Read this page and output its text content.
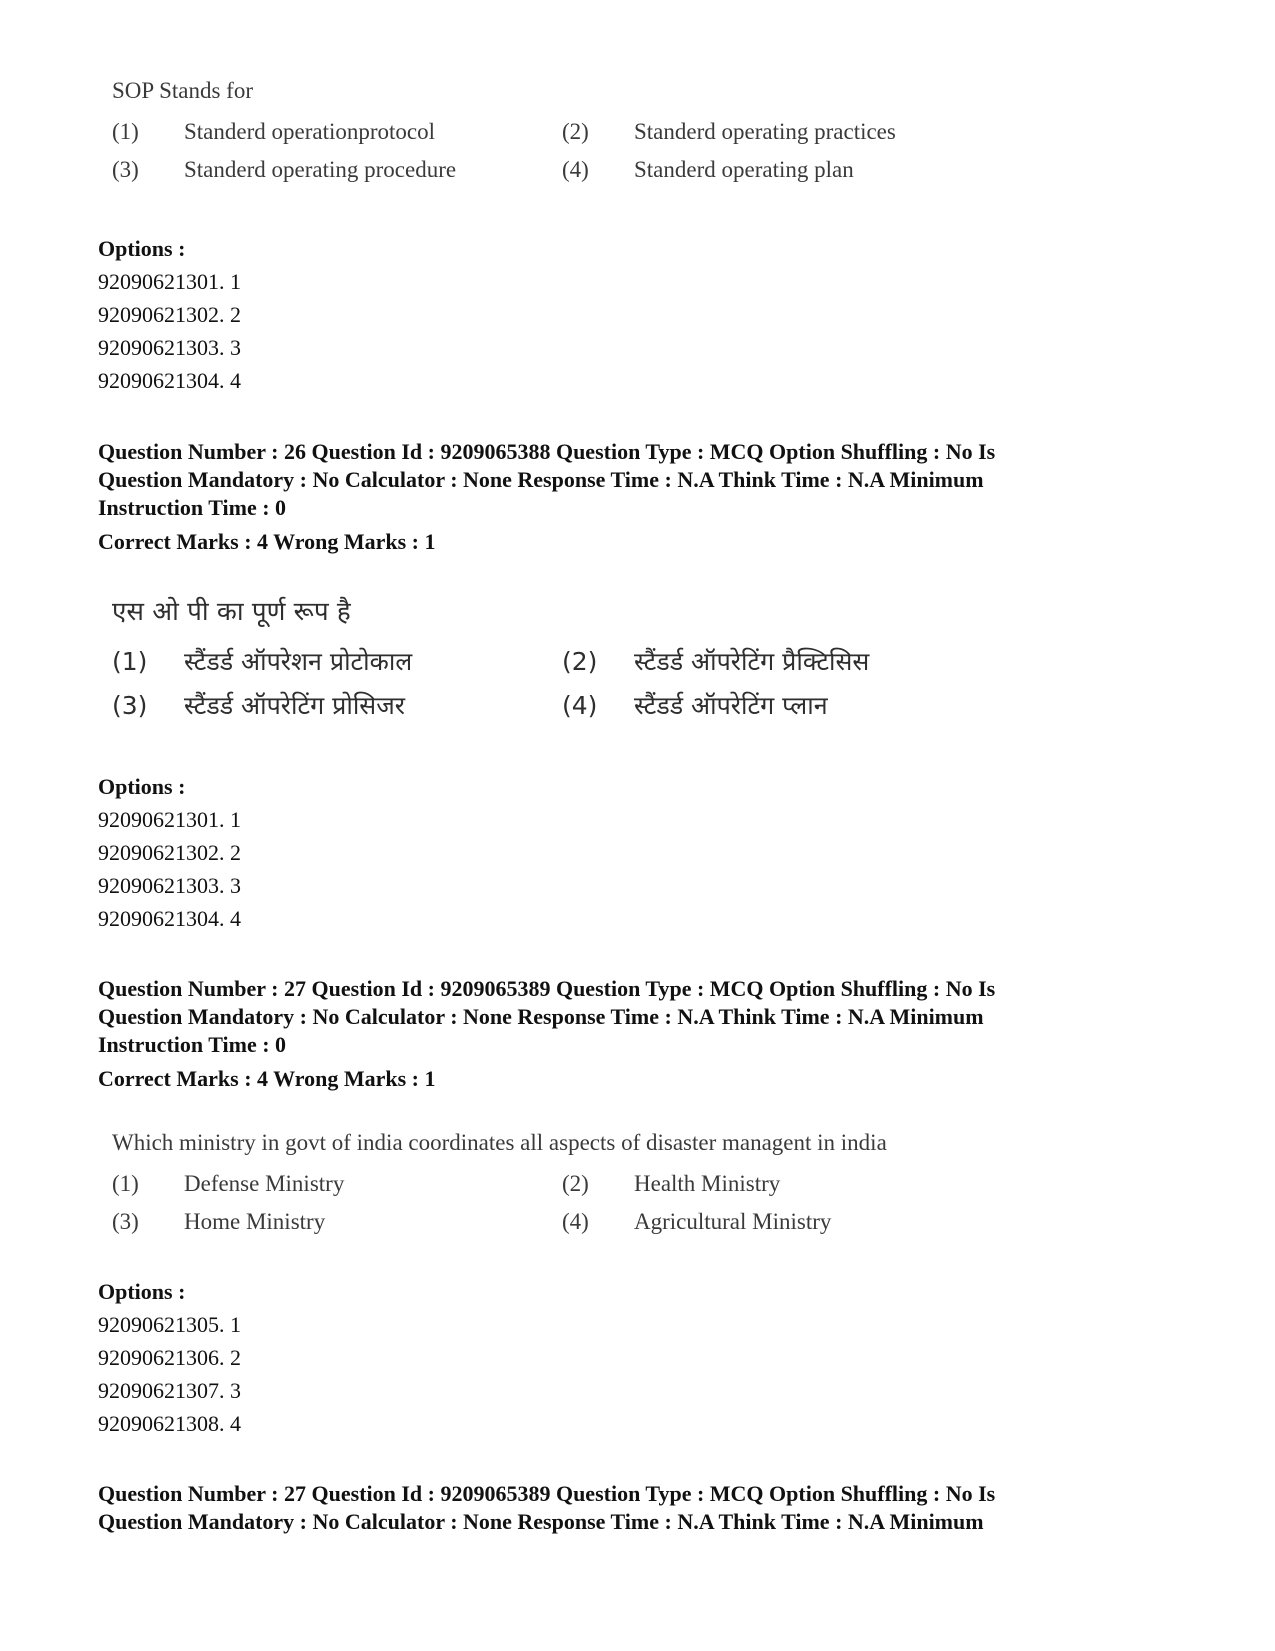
SOP Stands for
(1)	Standerd operationprotocol	(2)	Standerd operating practices
(3)	Standerd operating procedure	(4)	Standerd operating plan
Options :
92090621301. 1
92090621302. 2
92090621303. 3
92090621304. 4
Question Number : 26 Question Id : 9209065388 Question Type : MCQ Option Shuffling : No Is
Question Mandatory : No Calculator : None Response Time : N.A Think Time : N.A Minimum
Instruction Time : 0
Correct Marks : 4 Wrong Marks : 1
एस ओ पी का पूर्ण रूप है
(1)	स्टैंडर्ड ऑपरेशन प्रोटोकाल	(2)	स्टैंडर्ड ऑपरेटिंग प्रैक्टिसिस
(3)	स्टैंडर्ड ऑपरेटिंग प्रोसिजर	(4)	स्टैंडर्ड ऑपरेटिंग प्लान
Options :
92090621301. 1
92090621302. 2
92090621303. 3
92090621304. 4
Question Number : 27 Question Id : 9209065389 Question Type : MCQ Option Shuffling : No Is
Question Mandatory : No Calculator : None Response Time : N.A Think Time : N.A Minimum
Instruction Time : 0
Correct Marks : 4 Wrong Marks : 1
Which ministry in govt of india coordinates all aspects of disaster managent in india
(1)	Defense Ministry	(2)	Health Ministry
(3)	Home Ministry	(4)	Agricultural Ministry
Options :
92090621305. 1
92090621306. 2
92090621307. 3
92090621308. 4
Question Number : 27 Question Id : 9209065389 Question Type : MCQ Option Shuffling : No Is
Question Mandatory : No Calculator : None Response Time : N.A Think Time : N.A Minimum
